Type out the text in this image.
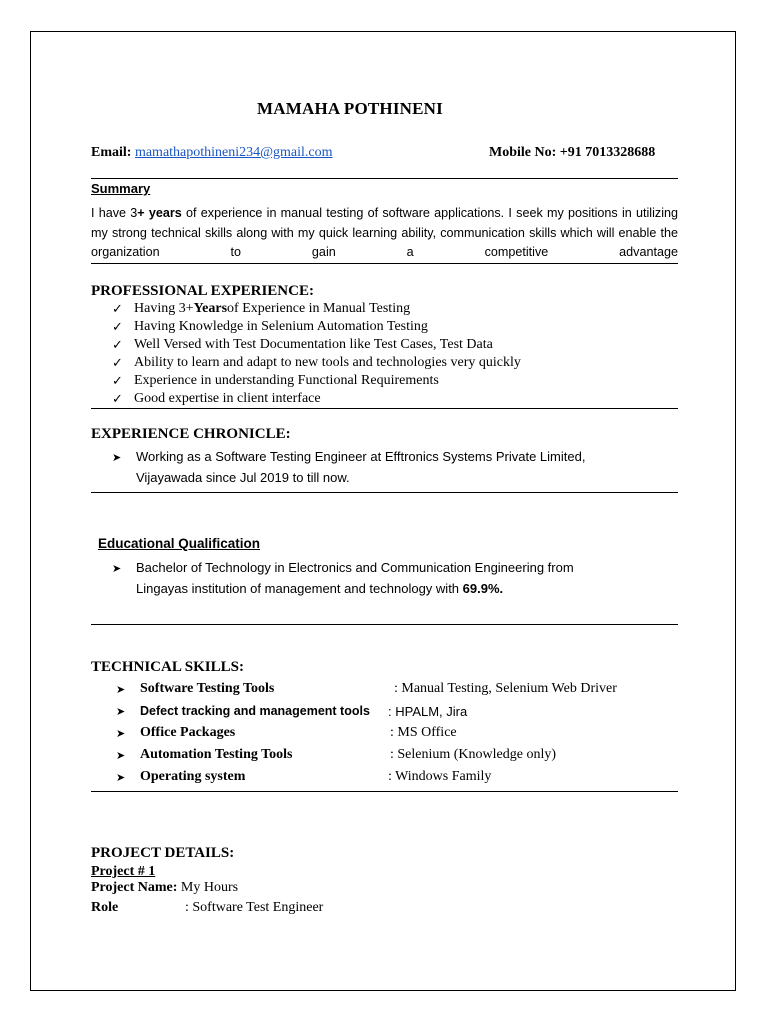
MAMAHA POTHINENI
Email: mamathapothineni234@gmail.com	Mobile No: +91 7013328688
Summary
I have 3+ years of experience in manual testing of software applications. I seek my positions in utilizing my strong technical skills along with my quick learning ability, communication skills which will enable the organization to gain a competitive advantage
PROFESSIONAL EXPERIENCE:
✓ Having 3+ Years of Experience in Manual Testing
✓ Having Knowledge in Selenium Automation Testing
✓ Well Versed with Test Documentation like Test Cases, Test Data
✓ Ability to learn and adapt to new tools and technologies very quickly
✓ Experience in understanding Functional Requirements
✓ Good expertise in client interface
EXPERIENCE CHRONICLE:
➤ Working as a Software Testing Engineer at Efftronics Systems Private Limited,
Vijayawada since Jul 2019 to till now.
Educational Qualification
➤ Bachelor of Technology in Electronics and Communication Engineering from
Lingayas institution of management and technology with 69.9%.
TECHNICAL SKILLS:
➤	Software Testing Tools	: Manual Testing, Selenium Web Driver
➤	Defect tracking and management tools : HPALM, Jira
➤	Office Packages	: MS Office
➤	Automation Testing Tools	: Selenium (Knowledge only)
➤	Operating system	: Windows Family
PROJECT DETAILS:
Project # 1
Project Name: My Hours
Role	: Software Test Engineer
